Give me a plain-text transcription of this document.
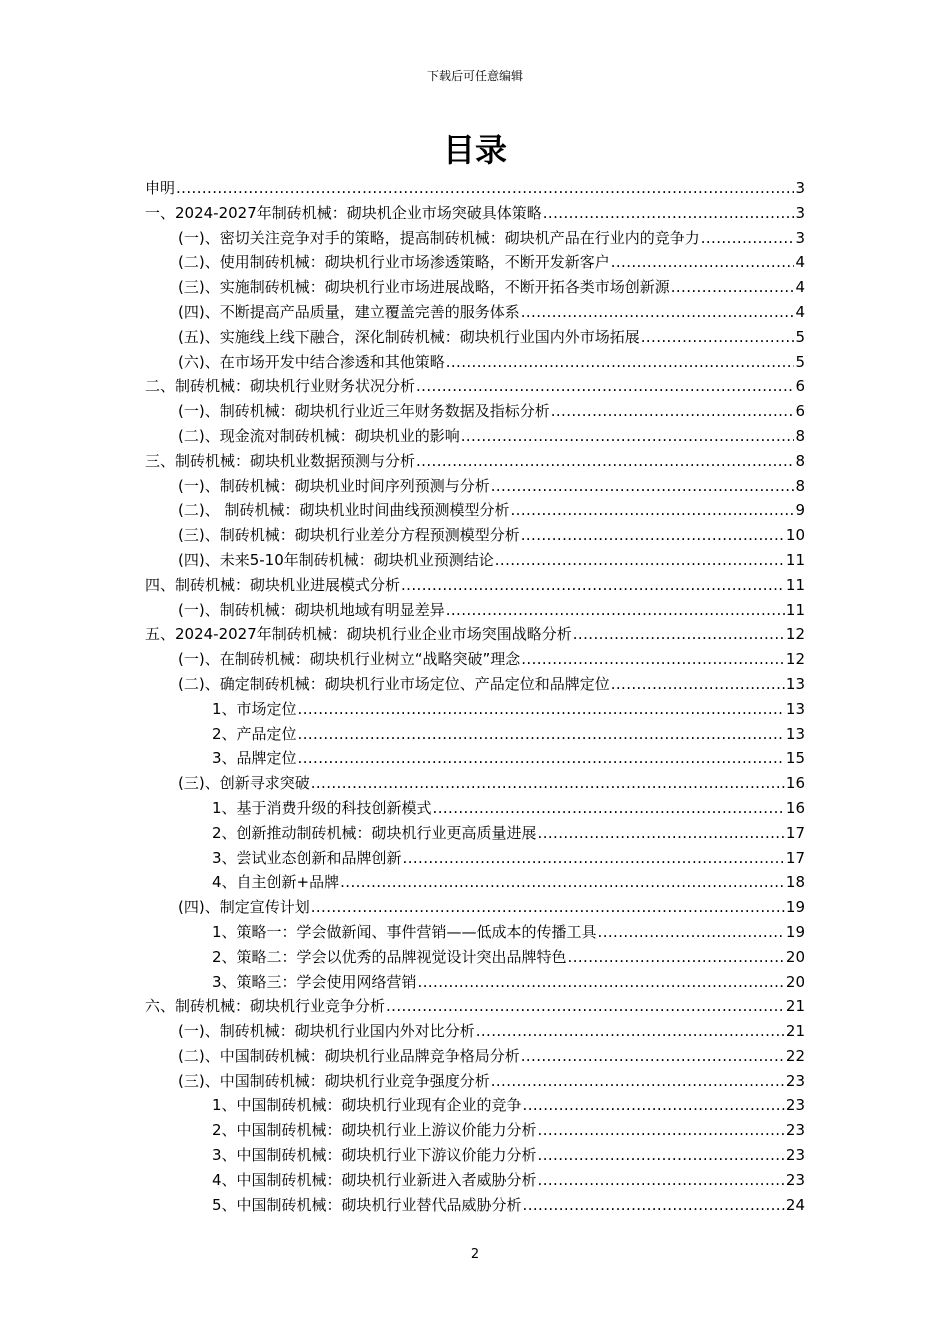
下载后可任意编辑
目录
申明 .....	3
一、2024-2027年制砖机械：砌块机企业市场突破具体策略 .....	3
(一)、密切关注竞争对手的策略，提高制砖机械：砌块机产品在行业内的竞争力 .....	3
(二)、使用制砖机械：砌块机行业市场渗透策略，不断开发新客户 .....	4
(三)、实施制砖机械：砌块机行业市场进展战略，不断开拓各类市场创新源 .....	4
(四)、不断提高产品质量，建立覆盖完善的服务体系 .....	4
(五)、实施线上线下融合，深化制砖机械：砌块机行业国内外市场拓展 .....	5
(六)、在市场开发中结合渗透和其他策略 .....	5
二、制砖机械：砌块机行业财务状况分析 .....	6
(一)、制砖机械：砌块机行业近三年财务数据及指标分析 .....	6
(二)、现金流对制砖机械：砌块机业的影响 .....	8
三、制砖机械：砌块机业数据预测与分析 .....	8
(一)、制砖机械：砌块机业时间序列预测与分析 .....	8
(二)、 制砖机械：砌块机业时间曲线预测模型分析 .....	9
(三)、制砖机械：砌块机行业差分方程预测模型分析 .....	10
(四)、未来5-10年制砖机械：砌块机业预测结论 .....	11
四、制砖机械：砌块机业进展模式分析 .....	11
(一)、制砖机械：砌块机地域有明显差异 .....	11
五、2024-2027年制砖机械：砌块机行业企业市场突围战略分析 .....	12
(一)、在制砖机械：砌块机行业树立“战略突破”理念 .....	12
(二)、确定制砖机械：砌块机行业市场定位、产品定位和品牌定位 .....	13
1、市场定位 .....	13
2、产品定位 .....	13
3、品牌定位 .....	15
(三)、创新寻求突破 .....	16
1、基于消费升级的科技创新模式 .....	16
2、创新推动制砖机械：砌块机行业更高质量进展 .....	17
3、尝试业态创新和品牌创新 .....	17
4、自主创新+品牌 .....	18
(四)、制定宣传计划 .....	19
1、策略一：学会做新闻、事件营销——低成本的传播工具 .....	19
2、策略二：学会以优秀的品牌视觉设计突出品牌特色 .....	20
3、策略三：学会使用网络营销 .....	20
六、制砖机械：砌块机行业竞争分析 .....	21
(一)、制砖机械：砌块机行业国内外对比分析 .....	21
(二)、中国制砖机械：砌块机行业品牌竞争格局分析 .....	22
(三)、中国制砖机械：砌块机行业竞争强度分析 .....	23
1、中国制砖机械：砌块机行业现有企业的竞争 .....	23
2、中国制砖机械：砌块机行业上游议价能力分析 .....	23
3、中国制砖机械：砌块机行业下游议价能力分析 .....	23
4、中国制砖机械：砌块机行业新进入者威胁分析 .....	23
5、中国制砖机械：砌块机行业替代品威胁分析 .....	24
2
